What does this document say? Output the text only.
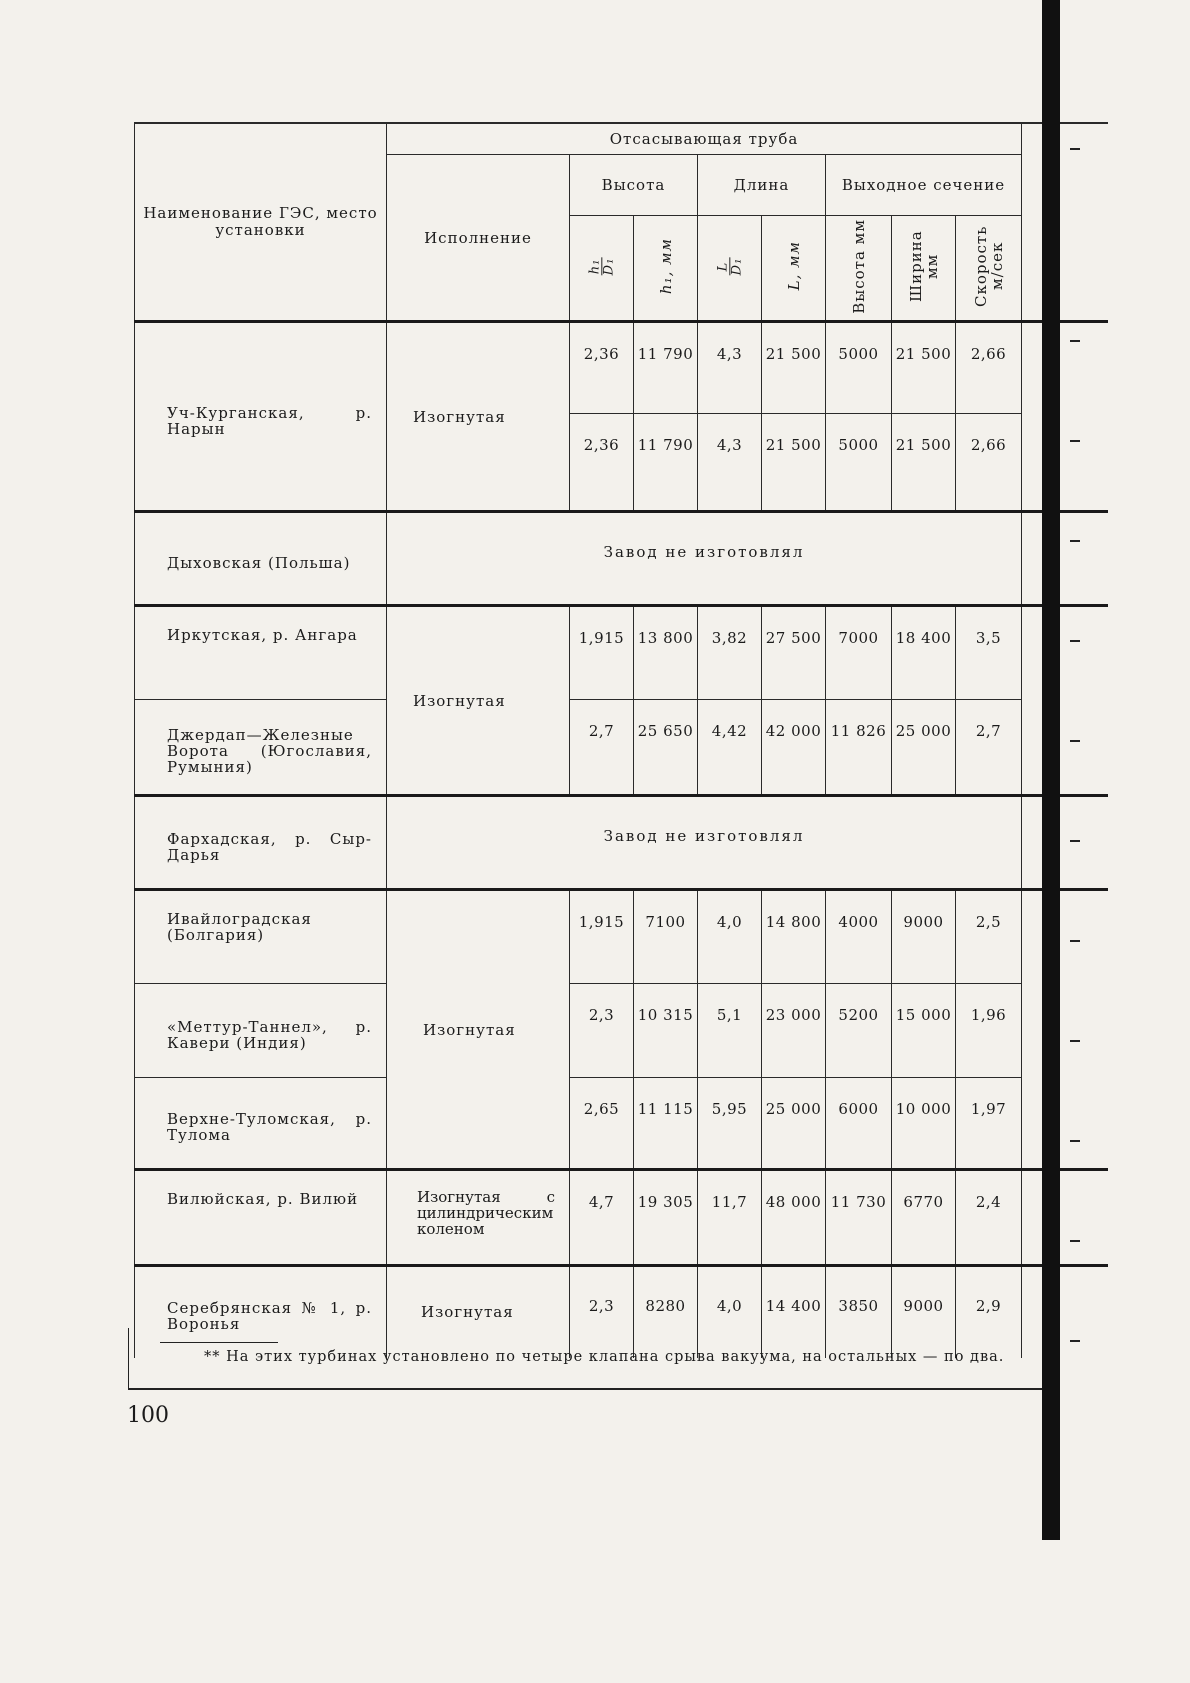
Наименование ГЭС, место установки	Отсасывающая труба								
	Исполнение	Высота		Длина		Выходное сечение			

		h₁ D₁	h₁, мм	L D₁	L, мм	Высота мм	Ширина мм	Скорость м/сек	
Уч-Курганская, р. Нарын	Изогнутая	2,36	11 790	4,3	21 500	5000	21 500	2,66	
		2,36	11 790	4,3	21 500	5000	21 500	2,66	
Дыховская (Польша)	Завод не изготовлял								
Иркутская, р. Ангара	Изогнутая	1,915	13 800	3,82	27 500	7000	18 400	3,5	
Джердап—Железные Ворота (Югославия, Румыния)		2,7	25 650	4,42	42 000	11 826	25 000	2,7	
Фархадская, р. Сыр-Дарья	Завод не изготовлял								
Ивайлоградская (Болгария)	Изогнутая	1,915	7100	4,0	14 800	4000	9000	2,5	
«Меттур-Таннел», р. Кавери (Индия)		2,3	10 315	5,1	23 000	5200	15 000	1,96	
Верхне-Туломская, р. Тулома		2,65	11 115	5,95	25 000	6000	10 000	1,97	
Вилюйская, р. Вилюй	Изогнутая с цилиндрическим коленом	4,7	19 305	11,7	48 000	11 730	6770	2,4	
Серебрянская № 1, р. Воронья	Изогнутая	2,3	8280	4,0	14 400	3850	9000	2,9	
** На этих турбинах установлено по четыре клапана срыва вакуума, на остальных — по два.
100
